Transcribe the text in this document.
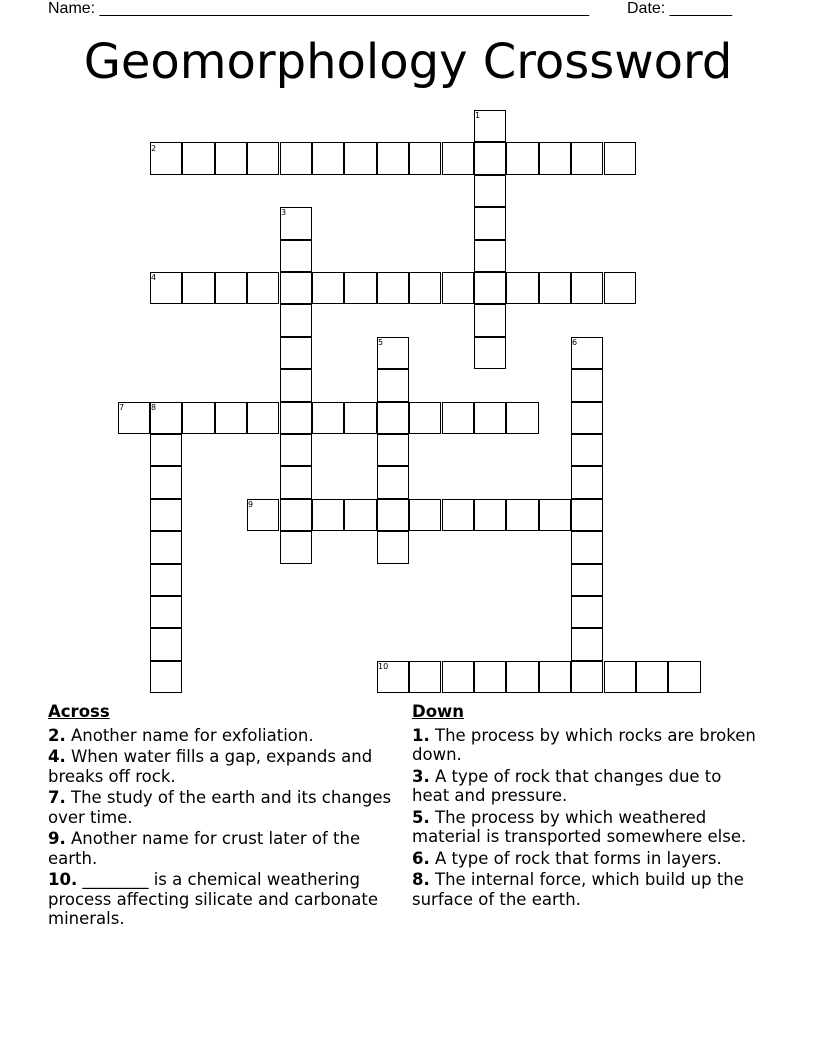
Name: _______________________________________________________ Date: _______
Geomorphology Crossword
1
2
3
4
5	6
7	8
9
10
Across
2. Another name for exfoliation.
4. When water fills a gap, expands and breaks off rock.
7. The study of the earth and its changes over time.
9. Another name for crust later of the earth.
10. ________ is a chemical weathering process affecting silicate and carbonate minerals.
Down
1. The process by which rocks are broken down.
3. A type of rock that changes due to heat and pressure.
5. The process by which weathered material is transported somewhere else.
6. A type of rock that forms in layers.
8. The internal force, which build up the surface of the earth.
